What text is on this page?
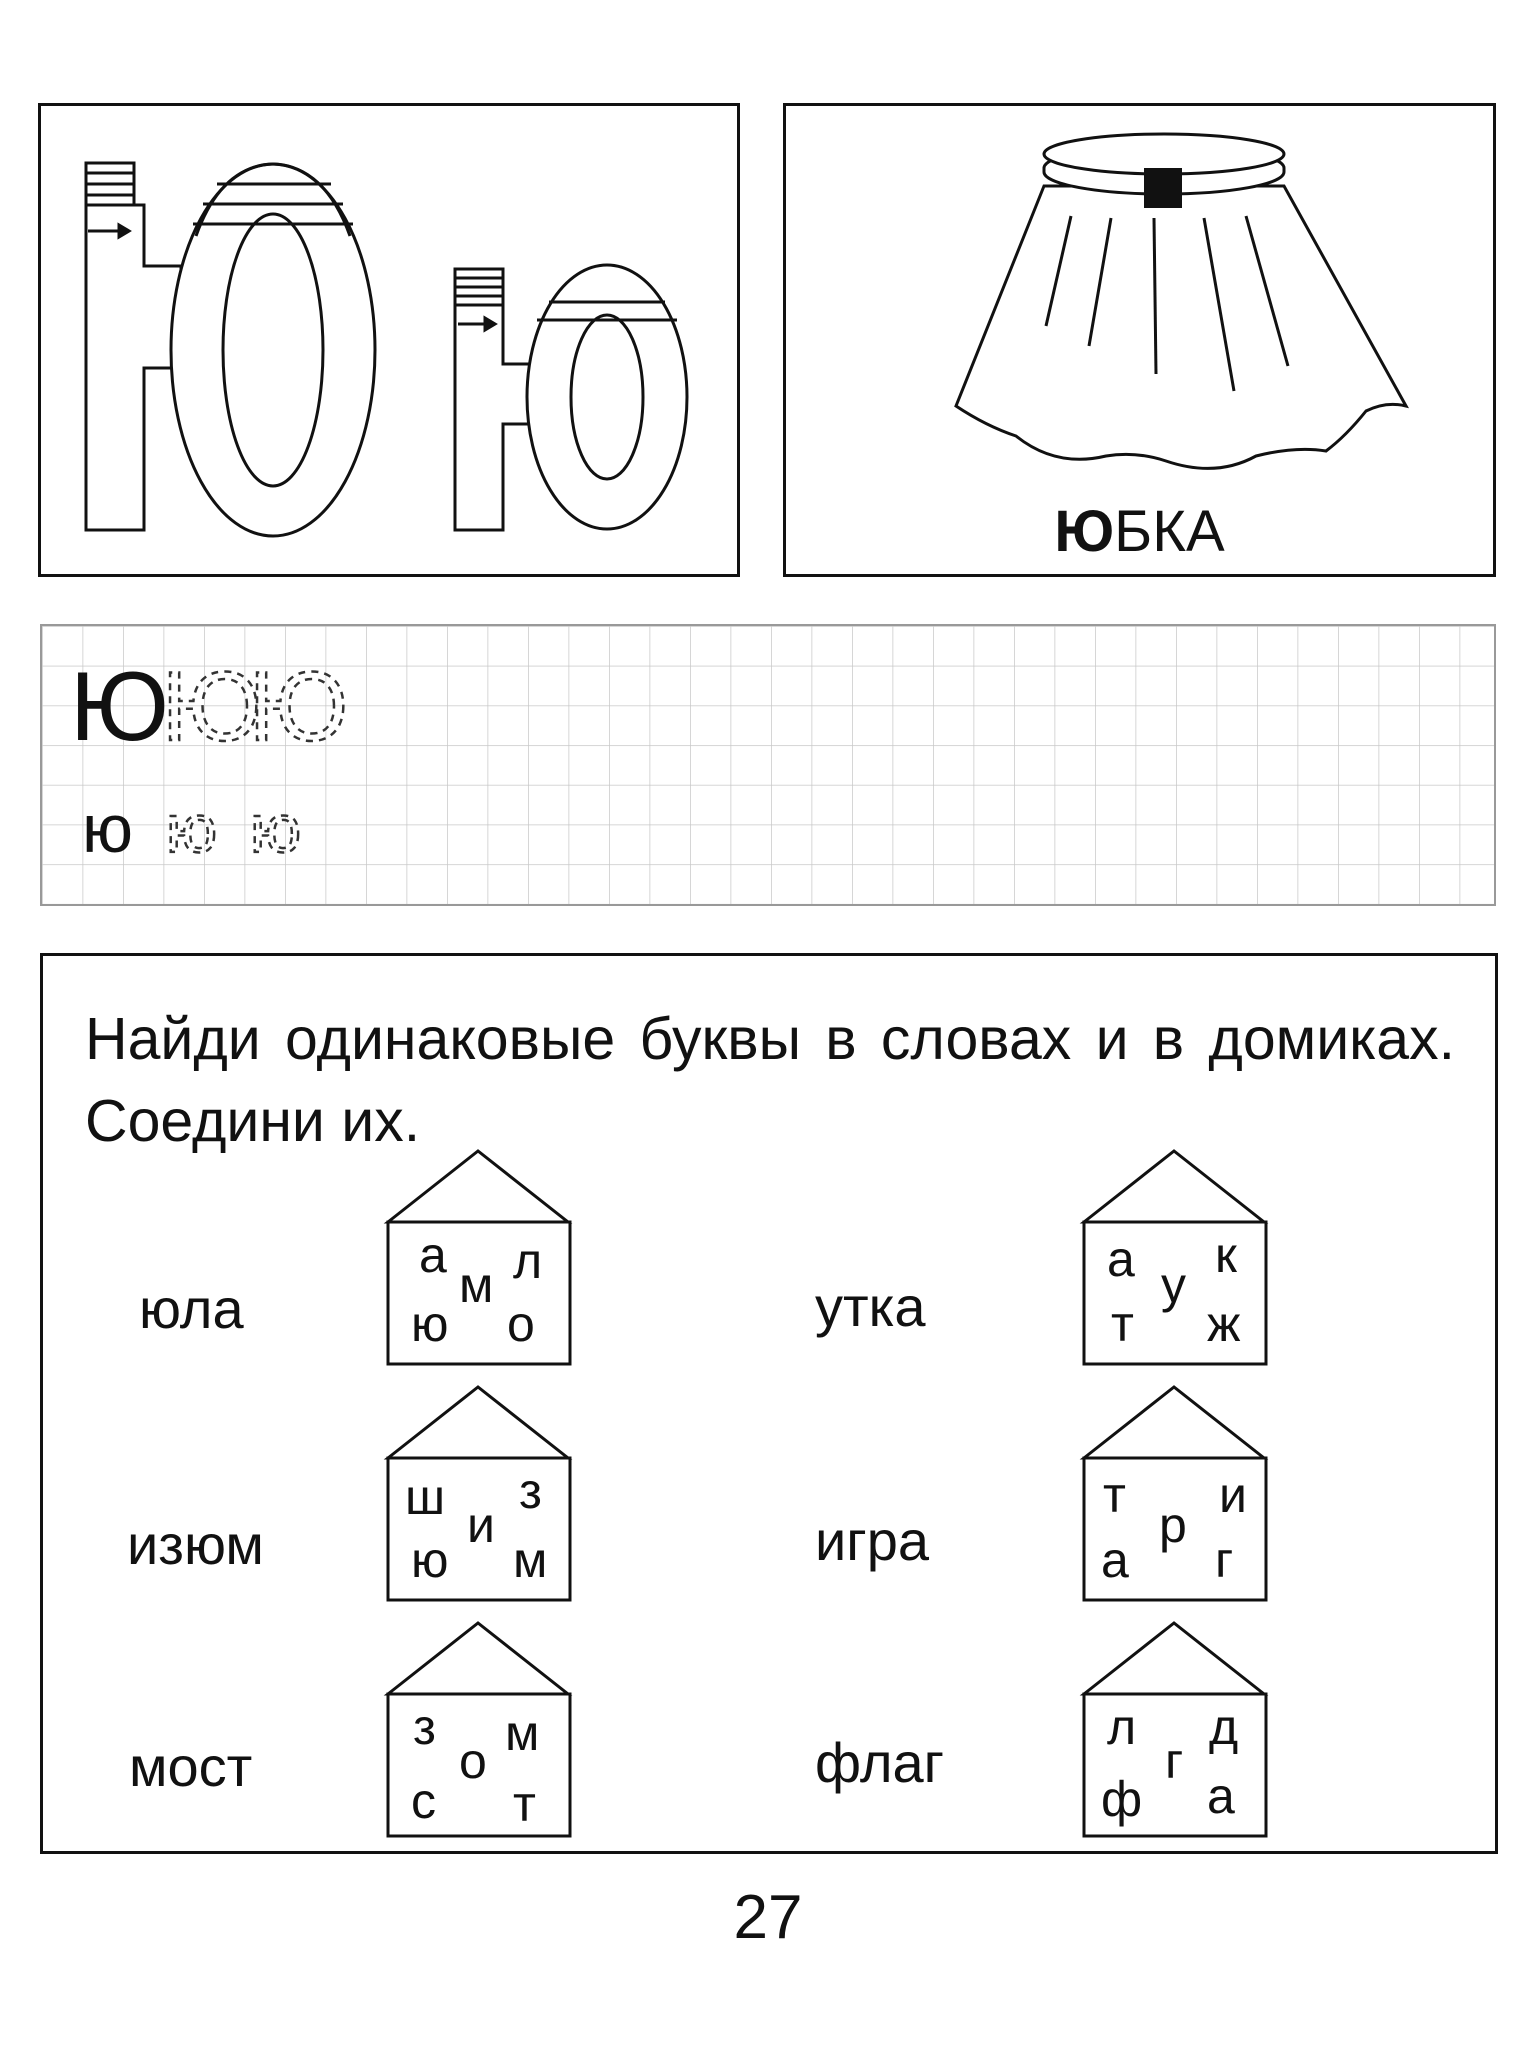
ЮБКА
Ю
Ю
Ю
ю ю ю
Найди одинаковые буквы в словах и в домиках. Соедини их.
юла
а л
м
ю о	утка
а к
у
т ж
изюм
ш з
и
ю м	игра
т и
р
а г
мост
з м
о
с т
флаг
л д
г
ф а
27
